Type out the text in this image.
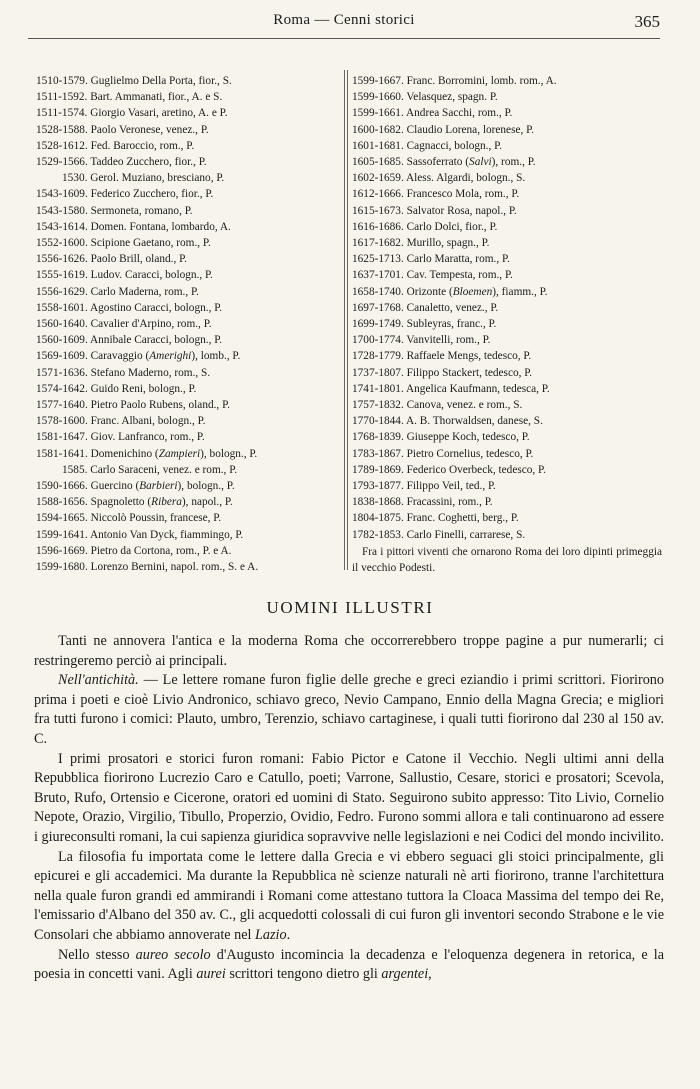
Roma — Cenni storici	365
1510-1579. Guglielmo Della Porta, fior., S.
1511-1592. Bart. Ammanati, fior., A. e S.
1511-1574. Giorgio Vasari, aretino, A. e P.
1528-1588. Paolo Veronese, venez., P.
1528-1612. Fed. Baroccio, rom., P.
1529-1566. Taddeo Zucchero, fior., P.
1530. Gerol. Muziano, bresciano, P.
1543-1609. Federico Zucchero, fior., P.
1543-1580. Sermoneta, romano, P.
1543-1614. Domen. Fontana, lombardo, A.
1552-1600. Scipione Gaetano, rom., P.
1556-1626. Paolo Brill, oland., P.
1555-1619. Ludov. Caracci, bologn., P.
1556-1629. Carlo Maderna, rom., P.
1558-1601. Agostino Caracci, bologn., P.
1560-1640. Cavalier d'Arpino, rom., P.
1560-1609. Annibale Caracci, bologn., P.
1569-1609. Caravaggio (Amerighi), lomb., P.
1571-1636. Stefano Maderno, rom., S.
1574-1642. Guido Reni, bologn., P.
1577-1640. Pietro Paolo Rubens, oland., P.
1578-1600. Franc. Albani, bologn., P.
1581-1647. Giov. Lanfranco, rom., P.
1581-1641. Domenichino (Zampieri), bologn., P.
1585. Carlo Saraceni, venez. e rom., P.
1590-1666. Guercino (Barbieri), bologn., P.
1588-1656. Spagnoletto (Ribera), napol., P.
1594-1665. Niccolò Poussin, francese, P.
1599-1641. Antonio Van Dyck, fiammingo, P.
1596-1669. Pietro da Cortona, rom., P. e A.
1599-1680. Lorenzo Bernini, napol. rom., S. e A.
1599-1667. Franc. Borromini, lomb. rom., A.
1599-1660. Velasquez, spagn. P.
1599-1661. Andrea Sacchi, rom., P.
1600-1682. Claudio Lorena, lorenese, P.
1601-1681. Cagnacci, bologn., P.
1605-1685. Sassoferrato (Salvi), rom., P.
1602-1659. Aless. Algardi, bologn., S.
1612-1666. Francesco Mola, rom., P.
1615-1673. Salvator Rosa, napol., P.
1616-1686. Carlo Dolci, fior., P.
1617-1682. Murillo, spagn., P.
1625-1713. Carlo Maratta, rom., P.
1637-1701. Cav. Tempesta, rom., P.
1658-1740. Orizonte (Bloemen), fiamm., P.
1697-1768. Canaletto, venez., P.
1699-1749. Subleyras, franc., P.
1700-1774. Vanvitelli, rom., P.
1728-1779. Raffaele Mengs, tedesco, P.
1737-1807. Filippo Stackert, tedesco, P.
1741-1801. Angelica Kaufmann, tedesca, P.
1757-1832. Canova, venez. e rom., S.
1770-1844. A. B. Thorwaldsen, danese, S.
1768-1839. Giuseppe Koch, tedesco, P.
1783-1867. Pietro Cornelius, tedesco, P.
1789-1869. Federico Overbeck, tedesco, P.
1793-1877. Filippo Veil, ted., P.
1838-1868. Fracassini, rom., P.
1804-1875. Franc. Coghetti, berg., P.
1782-1853. Carlo Finelli, carrarese, S.
Fra i pittori viventi che ornarono Roma dei loro dipinti primeggia il vecchio Podesti.
UOMINI ILLUSTRI

Tanti ne annovera l'antica e la moderna Roma che occorrerebbero troppe pagine a pur numerarli; ci restringeremo perciò ai principali.

Nell'antichità. — Le lettere romane furon figlie delle greche e greci eziandio i primi scrittori. Fiorirono prima i poeti e cioè Livio Andronico, schiavo greco, Nevio Campano, Ennio della Magna Grecia; e migliori fra tutti furono i comici: Plauto, umbro, Terenzio, schiavo cartaginese, i quali tutti fiorirono dal 230 al 150 av. C.

I primi prosatori e storici furon romani: Fabio Pictor e Catone il Vecchio. Negli ultimi anni della Repubblica fiorirono Lucrezio Caro e Catullo, poeti; Varrone, Sallustio, Cesare, storici e prosatori; Scevola, Bruto, Rufo, Ortensio e Cicerone, oratori ed uomini di Stato. Seguirono subito appresso: Tito Livio, Cornelio Nepote, Orazio, Virgilio, Tibullo, Properzio, Ovidio, Fedro. Furono sommi allora e tali continuarono ad essere i giureconsulti romani, la cui sapienza giuridica sopravvive nelle legislazioni e nei Codici del mondo incivilito.

La filosofia fu importata come le lettere dalla Grecia e vi ebbero seguaci gli stoici principalmente, gli epicurei e gli accademici. Ma durante la Repubblica nè scienze naturali nè arti fiorirono, tranne l'architettura nella quale furon grandi ed ammirandi i Romani come attestano tuttora la Cloaca Massima del tempo dei Re, l'emissario d'Albano del 350 av. C., gli acquedotti colossali di cui furon gli inventori secondo Strabone e le vie Consolari che abbiamo annoverate nel Lazio.

Nello stesso aureo secolo d'Augusto incomincia la decadenza e l'eloquenza degenera in retorica, e la poesia in concetti vani. Agli aurei scrittori tengono dietro gli argentei,
